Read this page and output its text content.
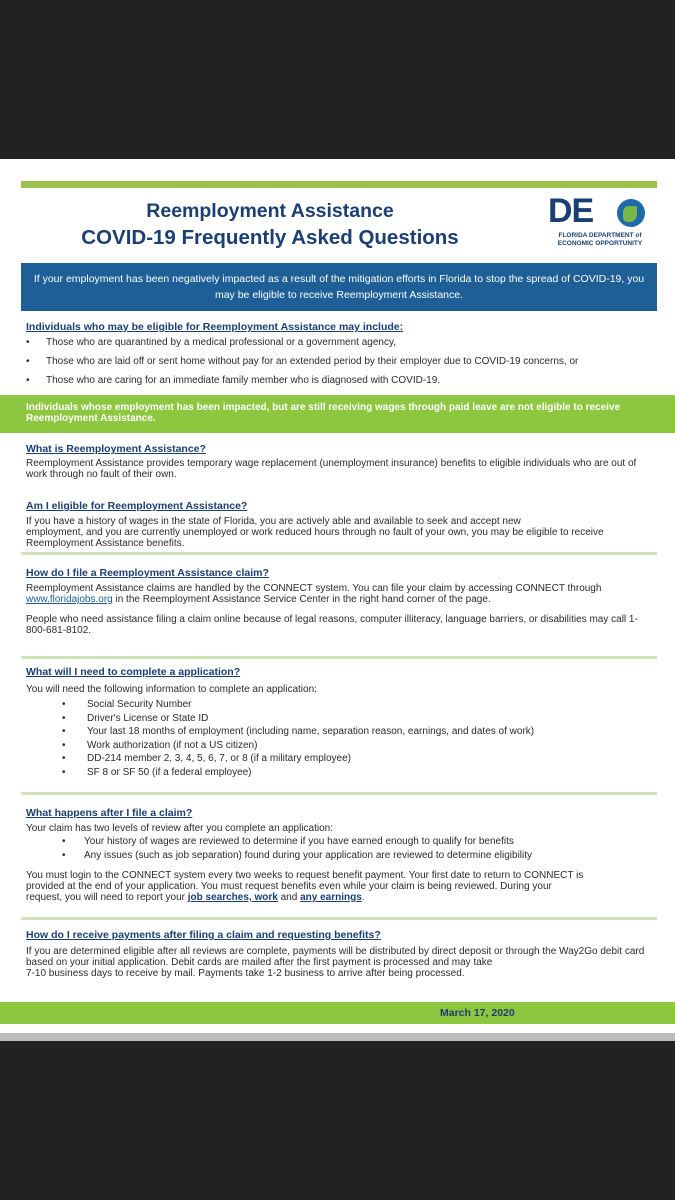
Reemployment Assistance
COVID-19 Frequently Asked Questions
DE
FLORIDA DEPARTMENT of
ECONOMIC OPPORTUNITY
If your employment has been negatively impacted as a result of the mitigation efforts in Florida to stop the spread of COVID-19, you may be eligible to receive Reemployment Assistance.
Individuals who may be eligible for Reemployment Assistance may include:
• Those who are quarantined by a medical professional or a government agency,
• Those who are laid off or sent home without pay for an extended period by their employer due to COVID-19 concerns, or
• Those who are caring for an immediate family member who is diagnosed with COVID-19.
Individuals whose employment has been impacted, but are still receiving wages through paid leave are not eligible to receive Reemployment Assistance.
What is Reemployment Assistance?
Reemployment Assistance provides temporary wage replacement (unemployment insurance) benefits to eligible individuals who are out of work through no fault of their own.
Am I eligible for Reemployment Assistance?
If you have a history of wages in the state of Florida, you are actively able and available to seek and accept new
employment, and you are currently unemployed or work reduced hours through no fault of your own, you may be eligible to receive
Reemployment Assistance benefits.
How do I file a Reemployment Assistance claim?
Reemployment Assistance claims are handled by the CONNECT system. You can file your claim by accessing CONNECT through
www.floridajobs.org in the Reemployment Assistance Service Center in the right hand corner of the page.
People who need assistance filing a claim online because of legal reasons, computer illiteracy, language barriers, or disabilities may call 1-800-681-8102.
What will I need to complete a application?
You will need the following information to complete an application:
• Social Security Number
• Driver's License or State ID
• Your last 18 months of employment (including name, separation reason, earnings, and dates of work)
• Work authorization (if not a US citizen)
• DD-214 member 2, 3, 4, 5, 6, 7, or 8 (if a military employee)
• SF 8 or SF 50 (if a federal employee)
What happens after I file a claim?
Your claim has two levels of review after you complete an application:
• Your history of wages are reviewed to determine if you have earned enough to qualify for benefits
• Any issues (such as job separation) found during your application are reviewed to determine eligibility
You must login to the CONNECT system every two weeks to request benefit payment. Your first date to return to CONNECT is
provided at the end of your application. You must request benefits even while your claim is being reviewed. During your
request, you will need to report your job searches, work and any earnings.
How do I receive payments after filing a claim and requesting benefits?
If you are determined eligible after all reviews are complete, payments will be distributed by direct deposit or through the Way2Go debit card
based on your initial application. Debit cards are mailed after the first payment is processed and may take
7-10 business days to receive by mail. Payments take 1-2 business to arrive after being processed.
March 17, 2020
